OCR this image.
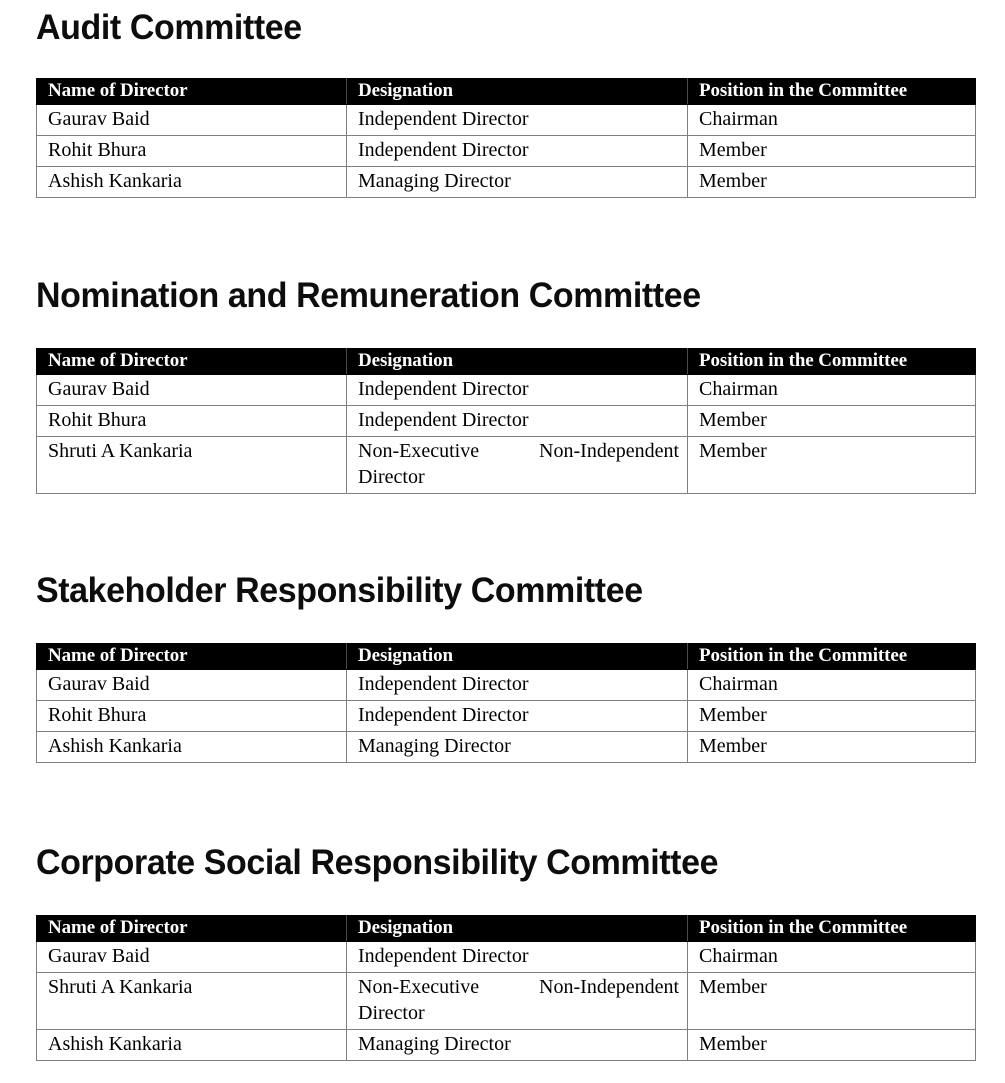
Audit Committee
Name of Director	Designation	Position in the Committee
Gaurav Baid	Independent Director	Chairman
Rohit Bhura	Independent Director	Member
Ashish Kankaria	Managing Director	Member
Nomination and Remuneration Committee
Name of Director	Designation	Position in the Committee
Gaurav Baid	Independent Director	Chairman
Rohit Bhura	Independent Director	Member
Shruti A Kankaria	Non-Executive Non-Independent Director	Member
Stakeholder Responsibility Committee
Name of Director	Designation	Position in the Committee
Gaurav Baid	Independent Director	Chairman
Rohit Bhura	Independent Director	Member
Ashish Kankaria	Managing Director	Member
Corporate Social Responsibility Committee
Name of Director	Designation	Position in the Committee
Gaurav Baid	Independent Director	Chairman
Shruti A Kankaria	Non-Executive Non-Independent Director	Member
Ashish Kankaria	Managing Director	Member
